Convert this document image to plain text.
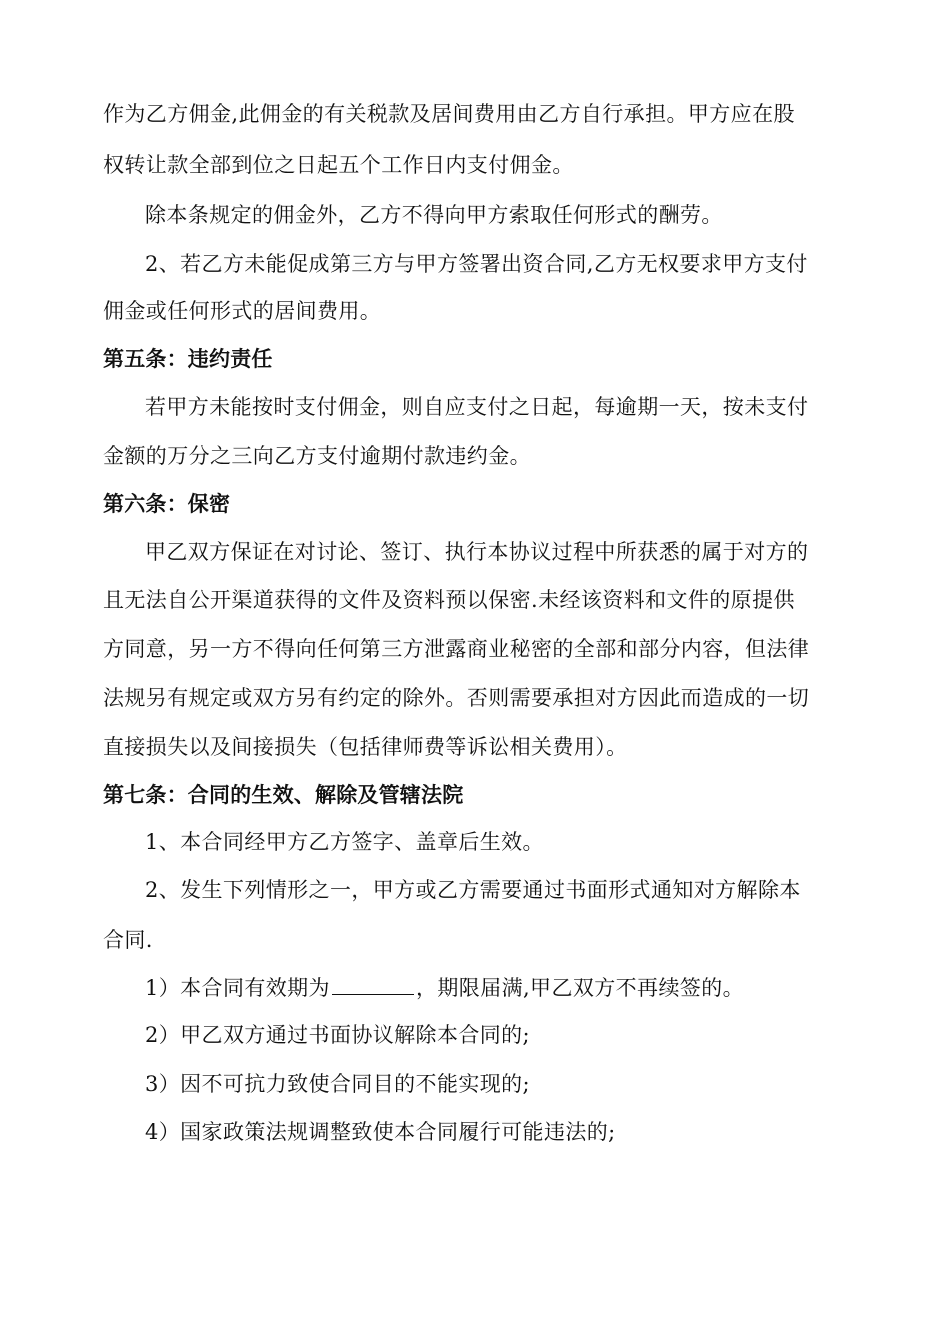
作为乙方佣金,此佣金的有关税款及居间费用由乙方自行承担。甲方应在股
权转让款全部到位之日起五个工作日内支付佣金。
除本条规定的佣金外，乙方不得向甲方索取任何形式的酬劳。
2、若乙方未能促成第三方与甲方签署出资合同,乙方无权要求甲方支付
佣金或任何形式的居间费用。
第五条：违约责任
若甲方未能按时支付佣金，则自应支付之日起，每逾期一天，按未支付
金额的万分之三向乙方支付逾期付款违约金。
第六条：保密
甲乙双方保证在对讨论、签订、执行本协议过程中所获悉的属于对方的
且无法自公开渠道获得的文件及资料预以保密.未经该资料和文件的原提供
方同意，另一方不得向任何第三方泄露商业秘密的全部和部分内容，但法律
法规另有规定或双方另有约定的除外。否则需要承担对方因此而造成的一切
直接损失以及间接损失（包括律师费等诉讼相关费用）。
第七条：合同的生效、解除及管辖法院
1、本合同经甲方乙方签字、盖章后生效。
2、发生下列情形之一，甲方或乙方需要通过书面形式通知对方解除本
合同.
1）本合同有效期为	，期限届满,甲乙双方不再续签的。
2）甲乙双方通过书面协议解除本合同的;
3）因不可抗力致使合同目的不能实现的;
4）国家政策法规调整致使本合同履行可能违法的;
